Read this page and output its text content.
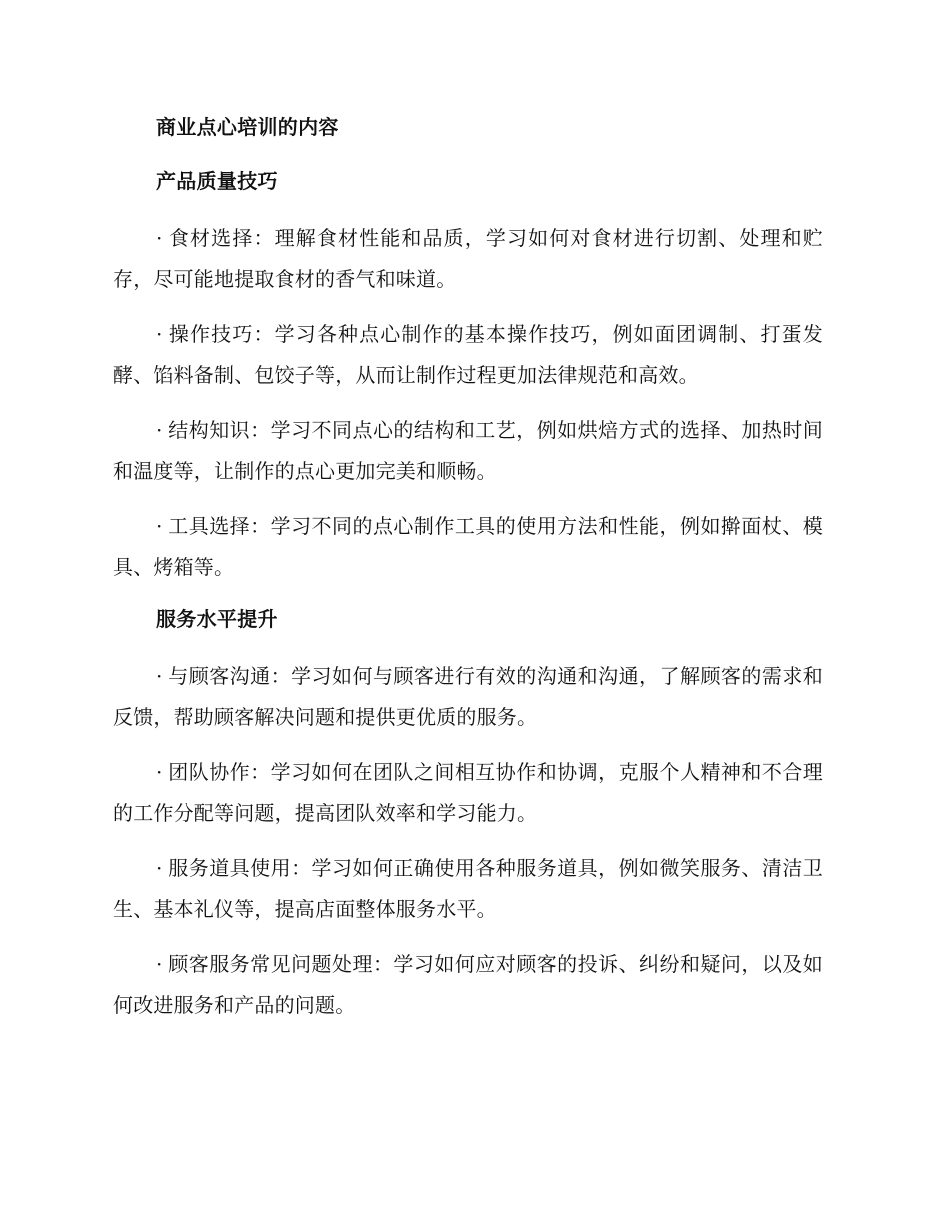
商业点心培训的内容
产品质量技巧

· 食材选择：理解食材性能和品质，学习如何对食材进行切割、处理和贮存，尽可能地提取食材的香气和味道。

· 操作技巧：学习各种点心制作的基本操作技巧，例如面团调制、打蛋发酵、馅料备制、包饺子等，从而让制作过程更加法律规范和高效。

· 结构知识：学习不同点心的结构和工艺，例如烘焙方式的选择、加热时间和温度等，让制作的点心更加完美和顺畅。

· 工具选择：学习不同的点心制作工具的使用方法和性能，例如擀面杖、模具、烤箱等。

服务水平提升

· 与顾客沟通：学习如何与顾客进行有效的沟通和沟通，了解顾客的需求和反馈，帮助顾客解决问题和提供更优质的服务。

· 团队协作：学习如何在团队之间相互协作和协调，克服个人精神和不合理的工作分配等问题，提高团队效率和学习能力。

· 服务道具使用：学习如何正确使用各种服务道具，例如微笑服务、清洁卫生、基本礼仪等，提高店面整体服务水平。

· 顾客服务常见问题处理：学习如何应对顾客的投诉、纠纷和疑问，以及如何改进服务和产品的问题。
